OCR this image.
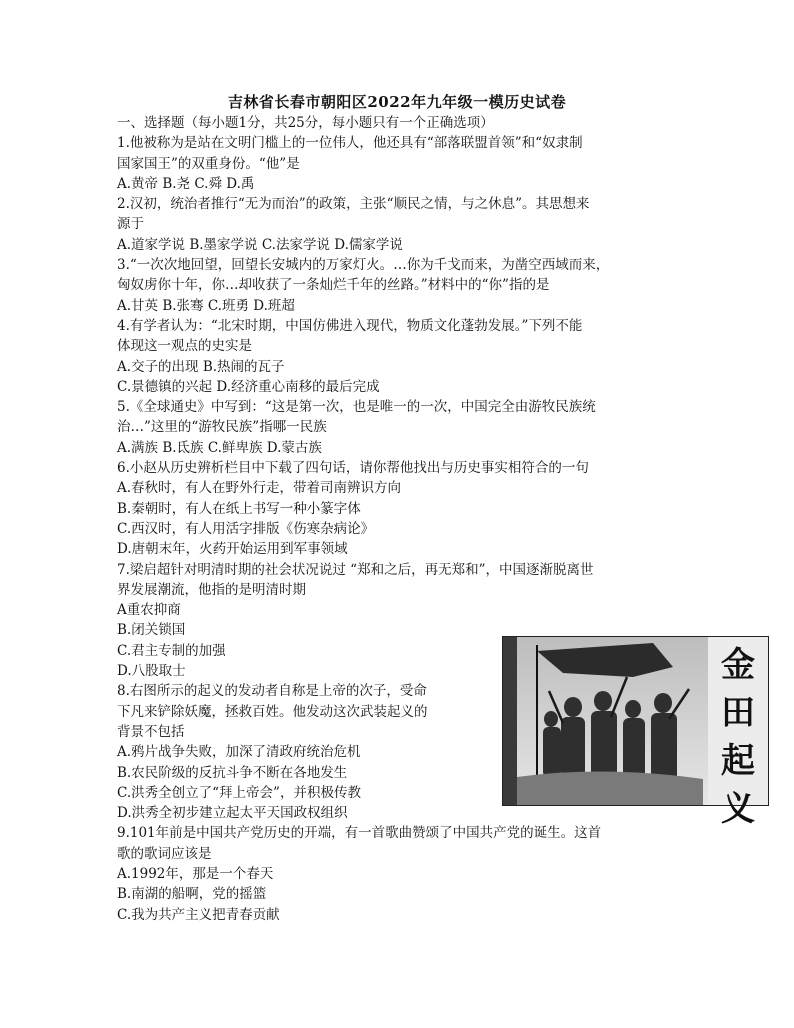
吉林省长春市朝阳区2022年九年级一模历史试卷
一、选择题（每小题1分，共25分，每小题只有一个正确选项）
1.他被称为是站在文明门槛上的一位伟人，他还具有“部落联盟首领”和“奴隶制
国家国王”的双重身份。“他”是
A.黄帝 B.尧 C.舜 D.禹
2.汉初，统治者推行“无为而治”的政策，主张“顺民之情，与之休息”。其思想来
源于
A.道家学说 B.墨家学说 C.法家学说 D.儒家学说
3.“一次次地回望，回望长安城内的万家灯火。…你为千戈而来，为凿空西域而来，
匈奴虏你十年，你…却收获了一条灿烂千年的丝路。”材料中的“你”指的是
A.甘英 B.张骞 C.班勇 D.班超
4.有学者认为：“北宋时期，中国仿佛进入现代，物质文化蓬勃发展。”下列不能
体现这一观点的史实是
A.交子的出现 B.热闹的瓦子
C.景德镇的兴起 D.经济重心南移的最后完成
5.《全球通史》中写到：“这是第一次，也是唯一的一次，中国完全由游牧民族统
治…”这里的“游牧民族”指哪一民族
A.满族 B.氐族 C.鲜卑族 D.蒙古族
6.小赵从历史辨析栏目中下载了四句话，请你帮他找出与历史事实相符合的一句
A.春秋时，有人在野外行走，带着司南辨识方向
B.秦朝时，有人在纸上书写一种小篆字体
C.西汉时，有人用活字排版《伤寒杂病论》
D.唐朝末年，火药开始运用到军事领域
7.梁启超针对明清时期的社会状况说过 “郑和之后，再无郑和”，中国逐渐脱离世
界发展潮流，他指的是明清时期
A重农抑商
B.闭关锁国
C.君主专制的加强
D.八股取士
8.右图所示的起义的发动者自称是上帝的次子，受命
下凡来铲除妖魔，拯救百姓。他发动这次武装起义的
背景不包括
A.鸦片战争失败，加深了清政府统治危机
B.农民阶级的反抗斗争不断在各地发生
C.洪秀全创立了“拜上帝会”，并积极传教
D.洪秀全初步建立起太平天国政权组织
9.101年前是中国共产党历史的开端，有一首歌曲赞颂了中国共产党的诞生。这首
歌的歌词应该是
A.1992年，那是一个春天
B.南湖的船啊，党的摇篮
C.我为共产主义把青春贡献
金
田
起
义
